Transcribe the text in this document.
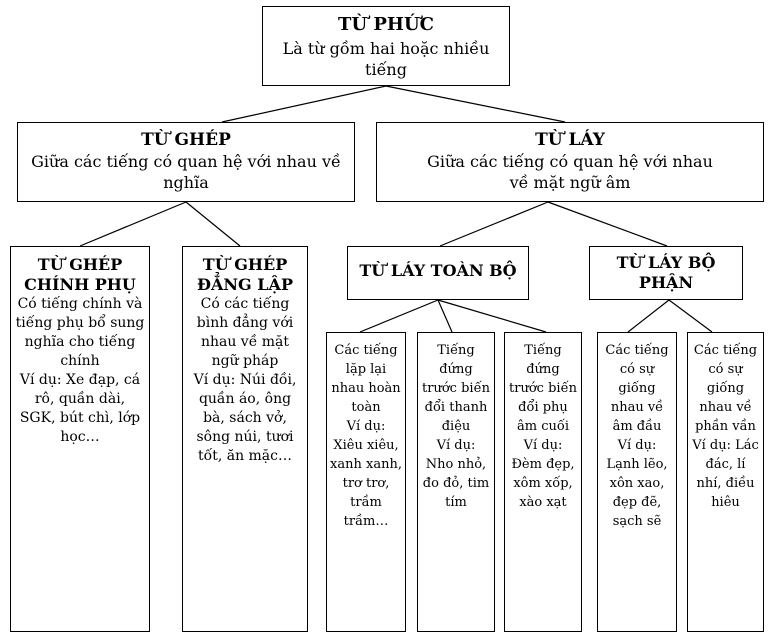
TỪ PHỨC
Là từ gồm hai hoặc nhiều tiếng
TỪ GHÉP
Giữa các tiếng có quan hệ với nhau về nghĩa
TỪ LÁY
Giữa các tiếng có quan hệ với nhau về mặt ngữ âm
TỪ GHÉP CHÍNH PHỤ
Có tiếng chính và tiếng phụ bổ sung nghĩa cho tiếng chính
Ví dụ: Xe đạp, cá rô, quần dài, SGK, bút chì, lớp học…
TỪ GHÉP ĐẲNG LẬP
Có các tiếng bình đẳng với nhau về mặt ngữ pháp
Ví dụ: Núi đồi, quần áo, ông bà, sách vở, sông núi, tươi tốt, ăn mặc…
TỪ LÁY TOÀN BỘ	TỪ LÁY BỘ PHẬN
Các tiếng lặp lại nhau hoàn toàn
Ví dụ: Xiêu xiêu, xanh xanh, trơ trơ, trầm trầm…
Tiếng đứng trước biến đổi thanh điệu
Ví dụ: Nho nhỏ, đo đỏ, tim tím
Tiếng đứng trước biến đổi phụ âm cuối
Ví dụ: Đèm đẹp, xôm xốp, xào xạt
Các tiếng có sự giống nhau về âm đầu
Ví dụ: Lạnh lẽo, xôn xao, đẹp đẽ, sạch sẽ
Các tiếng có sự giống nhau về phần vần
Ví dụ: Lác đác, lí nhí, điều hiêu
